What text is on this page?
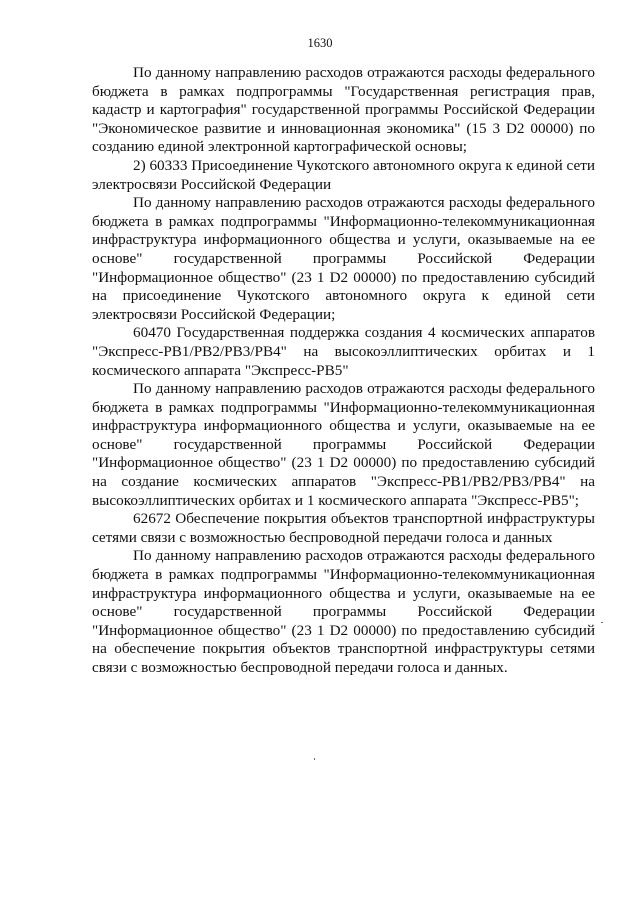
1630

По данному направлению расходов отражаются расходы федерального бюджета в рамках подпрограммы "Государственная регистрация прав, кадастр и картография" государственной программы Российской Федерации "Экономическое развитие и инновационная экономика" (15 3 D2 00000) по созданию единой электронной картографической основы;

2) 60333 Присоединение Чукотского автономного округа к единой сети электросвязи Российской Федерации

По данному направлению расходов отражаются расходы федерального бюджета в рамках подпрограммы "Информационно-телекоммуникационная инфраструктура информационного общества и услуги, оказываемые на ее основе" государственной программы Российской Федерации "Информационное общество" (23 1 D2 00000) по предоставлению субсидий на присоединение Чукотского автономного округа к единой сети электросвязи Российской Федерации;

60470 Государственная поддержка создания 4 космических аппаратов "Экспресс-РВ1/РВ2/РВ3/РВ4" на высокоэллиптических орбитах и 1 космического аппарата "Экспресс-РВ5"

По данному направлению расходов отражаются расходы федерального бюджета в рамках подпрограммы "Информационно-телекоммуникационная инфраструктура информационного общества и услуги, оказываемые на ее основе" государственной программы Российской Федерации "Информационное общество" (23 1 D2 00000) по предоставлению субсидий на создание космических аппаратов "Экспресс-РВ1/РВ2/РВ3/РВ4" на высокоэллиптических орбитах и 1 космического аппарата "Экспресс-РВ5";

62672 Обеспечение покрытия объектов транспортной инфраструктуры сетями связи с возможностью беспроводной передачи голоса и данных

По данному направлению расходов отражаются расходы федерального бюджета в рамках подпрограммы "Информационно-телекоммуникационная инфраструктура информационного общества и услуги, оказываемые на ее основе" государственной программы Российской Федерации "Информационное общество" (23 1 D2 00000) по предоставлению субсидий на обеспечение покрытия объектов транспортной инфраструктуры сетями связи с возможностью беспроводной передачи голоса и данных.
